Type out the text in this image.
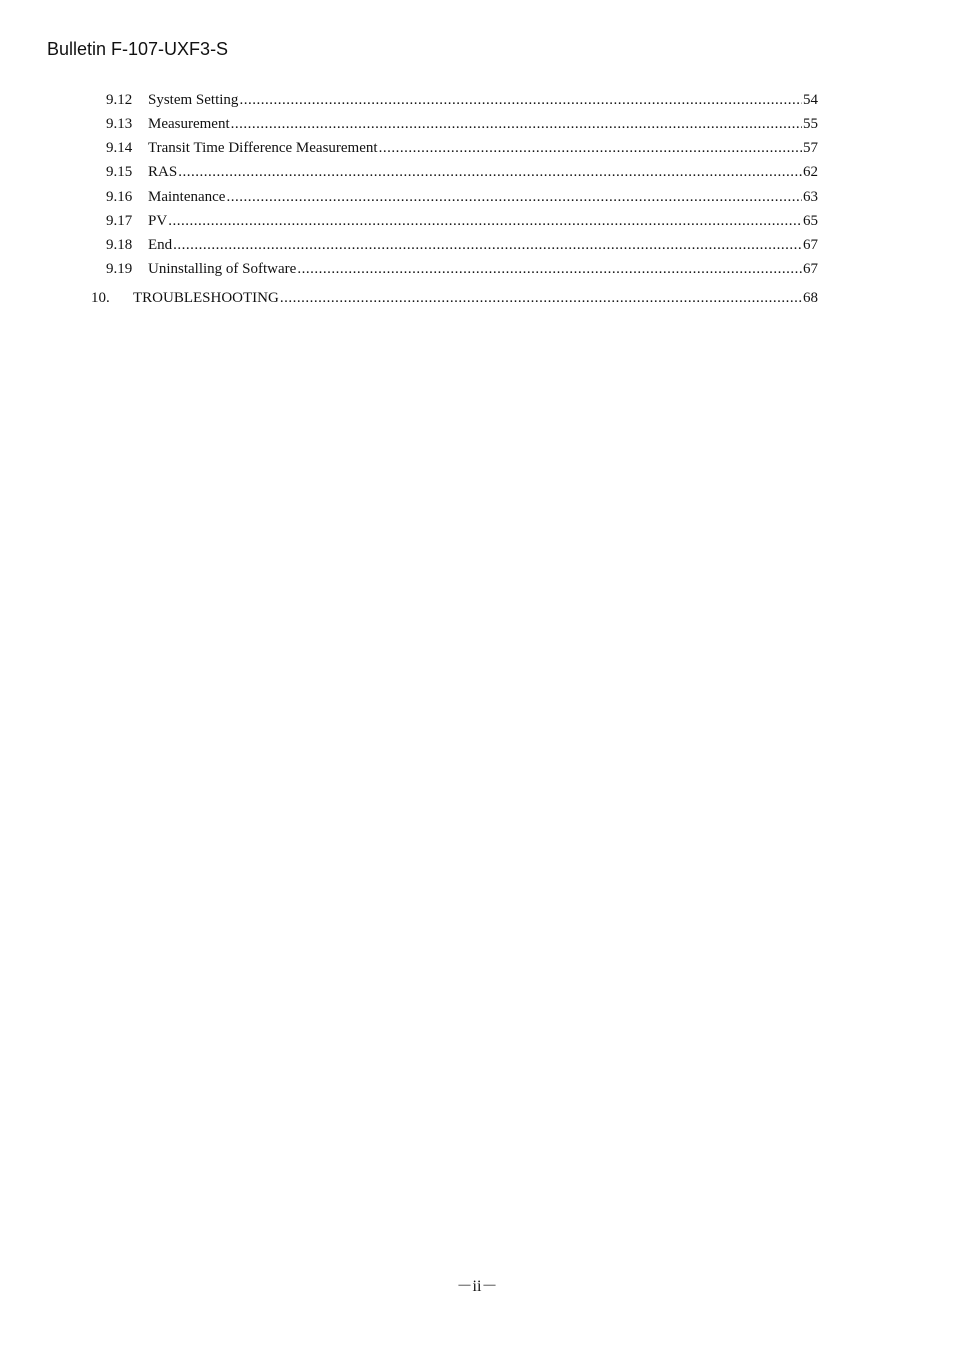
Bulletin F-107-UXF3-S
9.12 System Setting .....	54
9.13 Measurement .....	55
9.14 Transit Time Difference Measurement .....	57
9.15 RAS .....	62
9.16 Maintenance .....	63
9.17 PV .....	65
9.18 End .....	67
9.19 Uninstalling of Software .....	67
10. TROUBLESHOOTING .....	68
－ii－
